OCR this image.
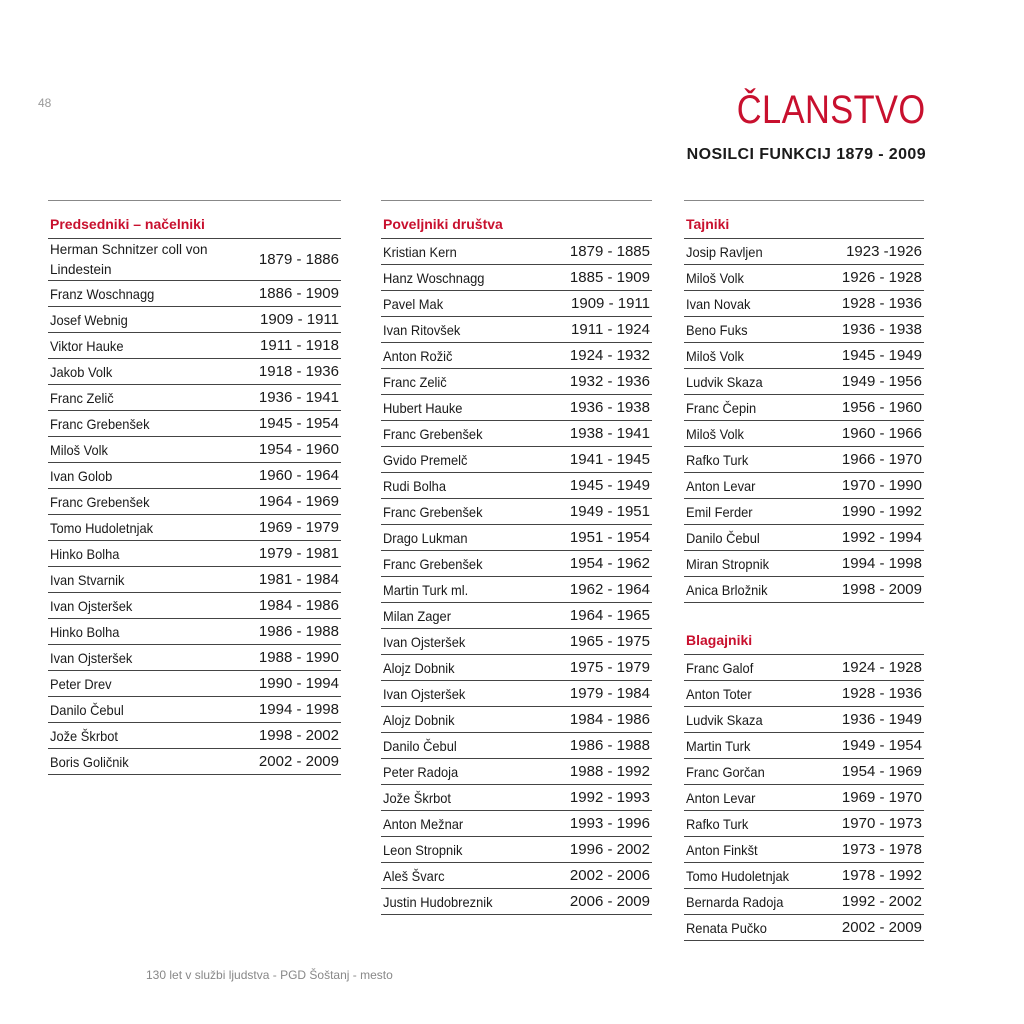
48	ČLANSTVO
NOSILCI FUNKCIJ 1879 - 2009
Predsedniki – načelniki
Herman Schnitzer coll von Lindestein
1879 - 1886
Franz Woschnagg	1886 - 1909
Josef Webnig	1909 - 1911
Viktor Hauke	1911 - 1918
Jakob Volk	1918 - 1936
Franc Zelič	1936 - 1941
Franc Grebenšek	1945 - 1954
Miloš Volk	1954 - 1960
Ivan Golob	1960 - 1964
Franc Grebenšek	1964 - 1969
Tomo Hudoletnjak	1969 - 1979
Hinko Bolha	1979 - 1981
Ivan Stvarnik	1981 - 1984
Ivan Ojsteršek	1984 - 1986
Hinko Bolha	1986 - 1988
Ivan Ojsteršek	1988 - 1990
Peter Drev	1990 - 1994
Danilo Čebul	1994 - 1998
Jože Škrbot	1998 - 2002
Boris Goličnik	2002 - 2009
Poveljniki društva
Kristian Kern	1879 - 1885
Hanz Woschnagg	1885 - 1909
Pavel Mak	1909 - 1911
Ivan Ritovšek	1911 - 1924
Anton Rožič	1924 - 1932
Franc Zelič	1932 - 1936
Hubert Hauke	1936 - 1938
Franc Grebenšek	1938 - 1941
Gvido Premelč	1941 - 1945
Rudi Bolha	1945 - 1949
Franc Grebenšek	1949 - 1951
Drago Lukman	1951 - 1954
Franc Grebenšek	1954 - 1962
Martin Turk ml.	1962 - 1964
Milan Zager	1964 - 1965
Ivan Ojsteršek	1965 - 1975
Alojz Dobnik	1975 - 1979
Ivan Ojsteršek	1979 - 1984
Alojz Dobnik	1984 - 1986
Danilo Čebul	1986 - 1988
Peter Radoja	1988 - 1992
Jože Škrbot	1992 - 1993
Anton Mežnar	1993 - 1996
Leon Stropnik	1996 - 2002
Aleš Švarc	2002 - 2006
Justin Hudobreznik	2006 - 2009
Tajniki
Josip Ravljen	1923 -1926
Miloš Volk	1926 - 1928
Ivan Novak	1928 - 1936
Beno Fuks	1936 - 1938
Miloš Volk	1945 - 1949
Ludvik Skaza	1949 - 1956
Franc Čepin	1956 - 1960
Miloš Volk	1960 - 1966
Rafko Turk	1966 - 1970
Anton Levar	1970 - 1990
Emil Ferder	1990 - 1992
Danilo Čebul	1992 - 1994
Miran Stropnik	1994 - 1998
Anica Brložnik	1998 - 2009
Blagajniki
Franc Galof	1924 - 1928
Anton Toter	1928 - 1936
Ludvik Skaza	1936 - 1949
Martin Turk	1949 - 1954
Franc Gorčan	1954 - 1969
Anton Levar	1969 - 1970
Rafko Turk	1970 - 1973
Anton Finkšt	1973 - 1978
Tomo Hudoletnjak	1978 - 1992
Bernarda Radoja	1992 - 2002
Renata Pučko	2002 - 2009
130 let v službi ljudstva - PGD Šoštanj - mesto
